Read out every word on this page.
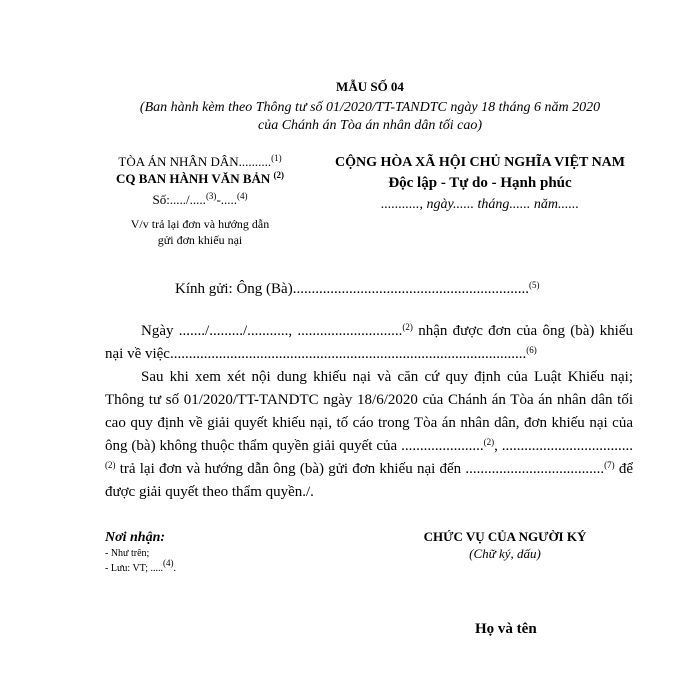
MẪU SỐ 04
(Ban hành kèm theo Thông tư số 01/2020/TT-TANDTC ngày 18 tháng 6 năm 2020
của Chánh án Tòa án nhân dân tối cao)
TÒA ÁN NHÂN DÂN..........$^{(1)}$
CQ BAN HÀNH VĂN BẢN $^{(2)}$
Số:...../.....$^{(3)}$-.....$^{(4)}$
V/v trả lại đơn và hướng dẫn
gửi đơn khiếu nại
CỘNG HÒA XÃ HỘI CHỦ NGHĨA VIỆT NAM
Độc lập - Tự do - Hạnh phúc
..........., ngày...... tháng...... năm......
Kính gửi: Ông (Bà)...............................................................$^{(5)}$
Ngày ......./........./..........., ............................$^{(2)}$ nhận được đơn của ông (bà) khiếu nại về việc...............................................................................................$^{(6)}$
Sau khi xem xét nội dung khiếu nại và căn cứ quy định của Luật Khiếu nại; Thông tư số 01/2020/TT-TANDTC ngày 18/6/2020 của Chánh án Tòa án nhân dân tối cao quy định về giải quyết khiếu nại, tố cáo trong Tòa án nhân dân, đơn khiếu nại của ông (bà) không thuộc thẩm quyền giải quyết của ......................$^{(2)}$, ...................................$^{(2)}$ trả lại đơn và hướng dẫn ông (bà) gửi đơn khiếu nại đến .....................................$^{(7)}$ để được giải quyết theo thẩm quyền./.
Nơi nhận:
- Như trên;
- Lưu: VT; .....$^{(4)}$.
CHỨC VỤ CỦA NGƯỜI KÝ
(Chữ ký, dấu)
Họ và tên
